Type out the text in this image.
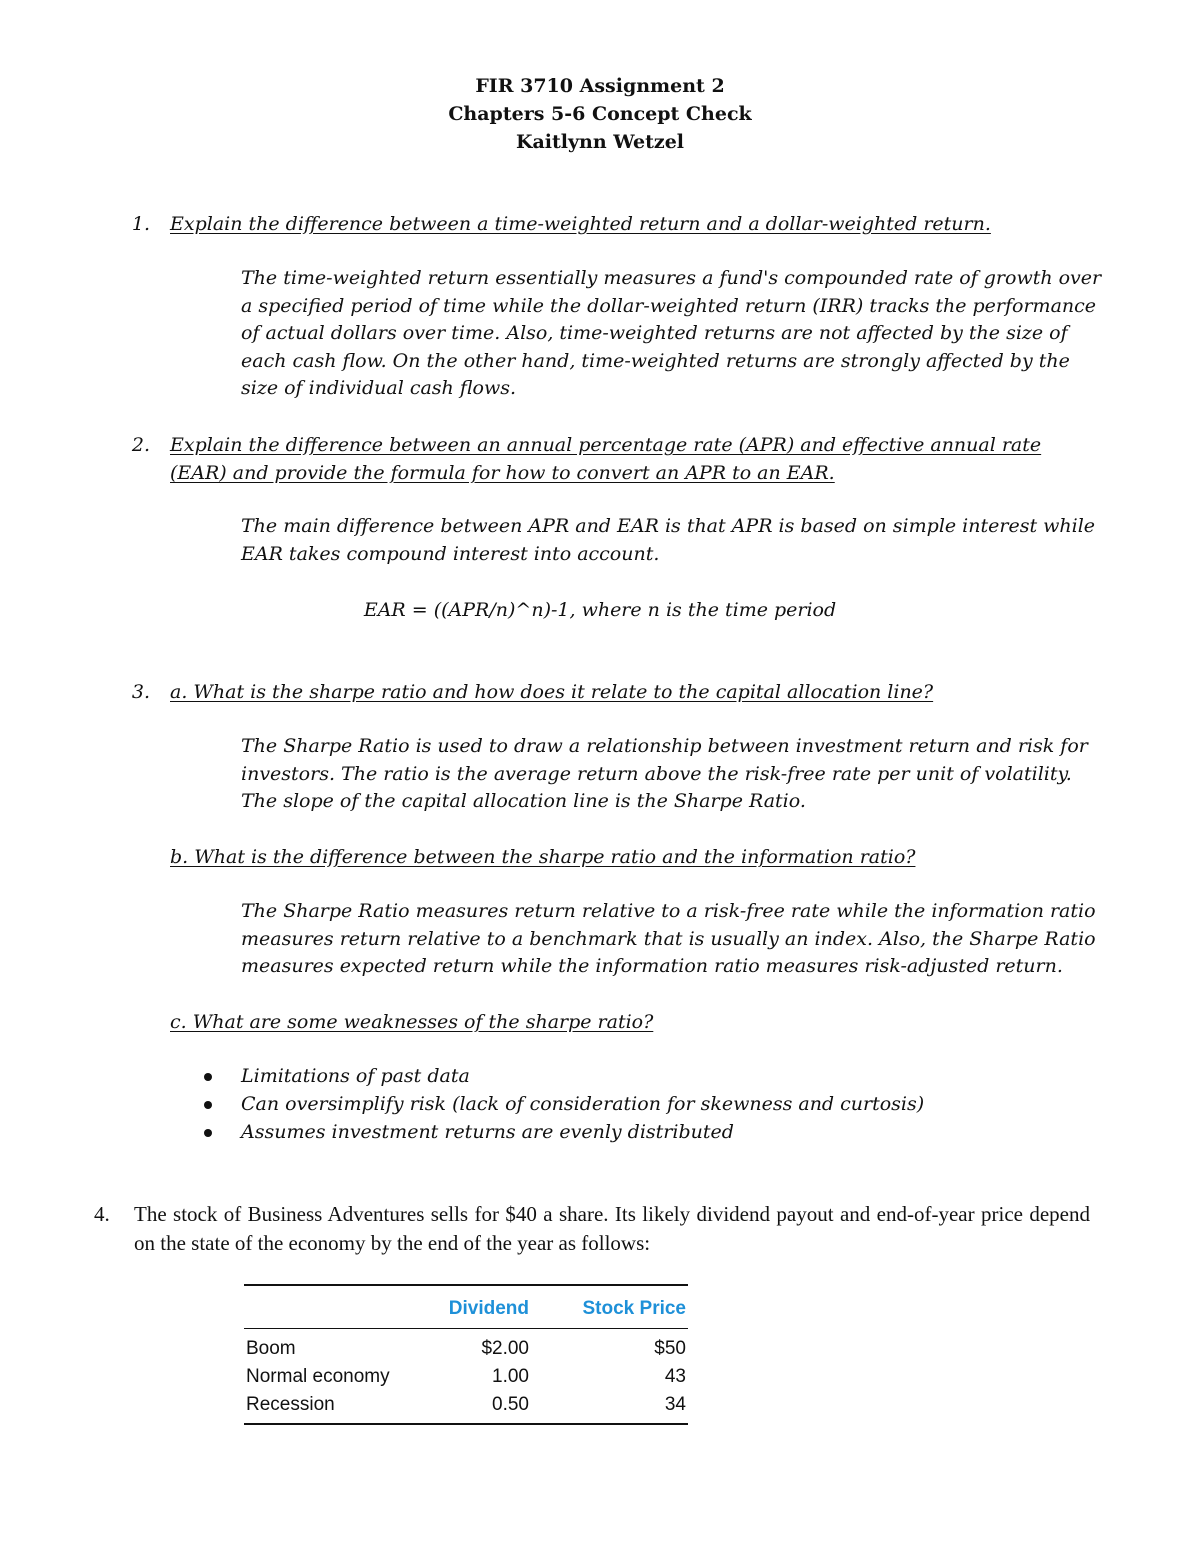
FIR 3710 Assignment 2
Chapters 5-6 Concept Check
Kaitlynn Wetzel
1. Explain the difference between a time-weighted return and a dollar-weighted return.
The time-weighted return essentially measures a fund's compounded rate of growth over a specified period of time while the dollar-weighted return (IRR) tracks the performance of actual dollars over time. Also, time-weighted returns are not affected by the size of each cash flow. On the other hand, time-weighted returns are strongly affected by the size of individual cash flows.
2. Explain the difference between an annual percentage rate (APR) and effective annual rate (EAR) and provide the formula for how to convert an APR to an EAR.
The main difference between APR and EAR is that APR is based on simple interest while EAR takes compound interest into account.
EAR = ((APR/n)^n)-1, where n is the time period
3. a. What is the sharpe ratio and how does it relate to the capital allocation line?
The Sharpe Ratio is used to draw a relationship between investment return and risk for investors. The ratio is the average return above the risk-free rate per unit of volatility. The slope of the capital allocation line is the Sharpe Ratio.
b. What is the difference between the sharpe ratio and the information ratio?
The Sharpe Ratio measures return relative to a risk-free rate while the information ratio measures return relative to a benchmark that is usually an index. Also, the Sharpe Ratio measures expected return while the information ratio measures risk-adjusted return.
c. What are some weaknesses of the sharpe ratio?
Limitations of past data
Can oversimplify risk (lack of consideration for skewness and curtosis)
Assumes investment returns are evenly distributed
4.	The stock of Business Adventures sells for $40 a share. Its likely dividend payout and end-of-year price depend on the state of the economy by the end of the year as follows:
	Dividend	Stock Price
Boom	$2.00	$50
Normal economy	1.00	43
Recession	0.50	34
